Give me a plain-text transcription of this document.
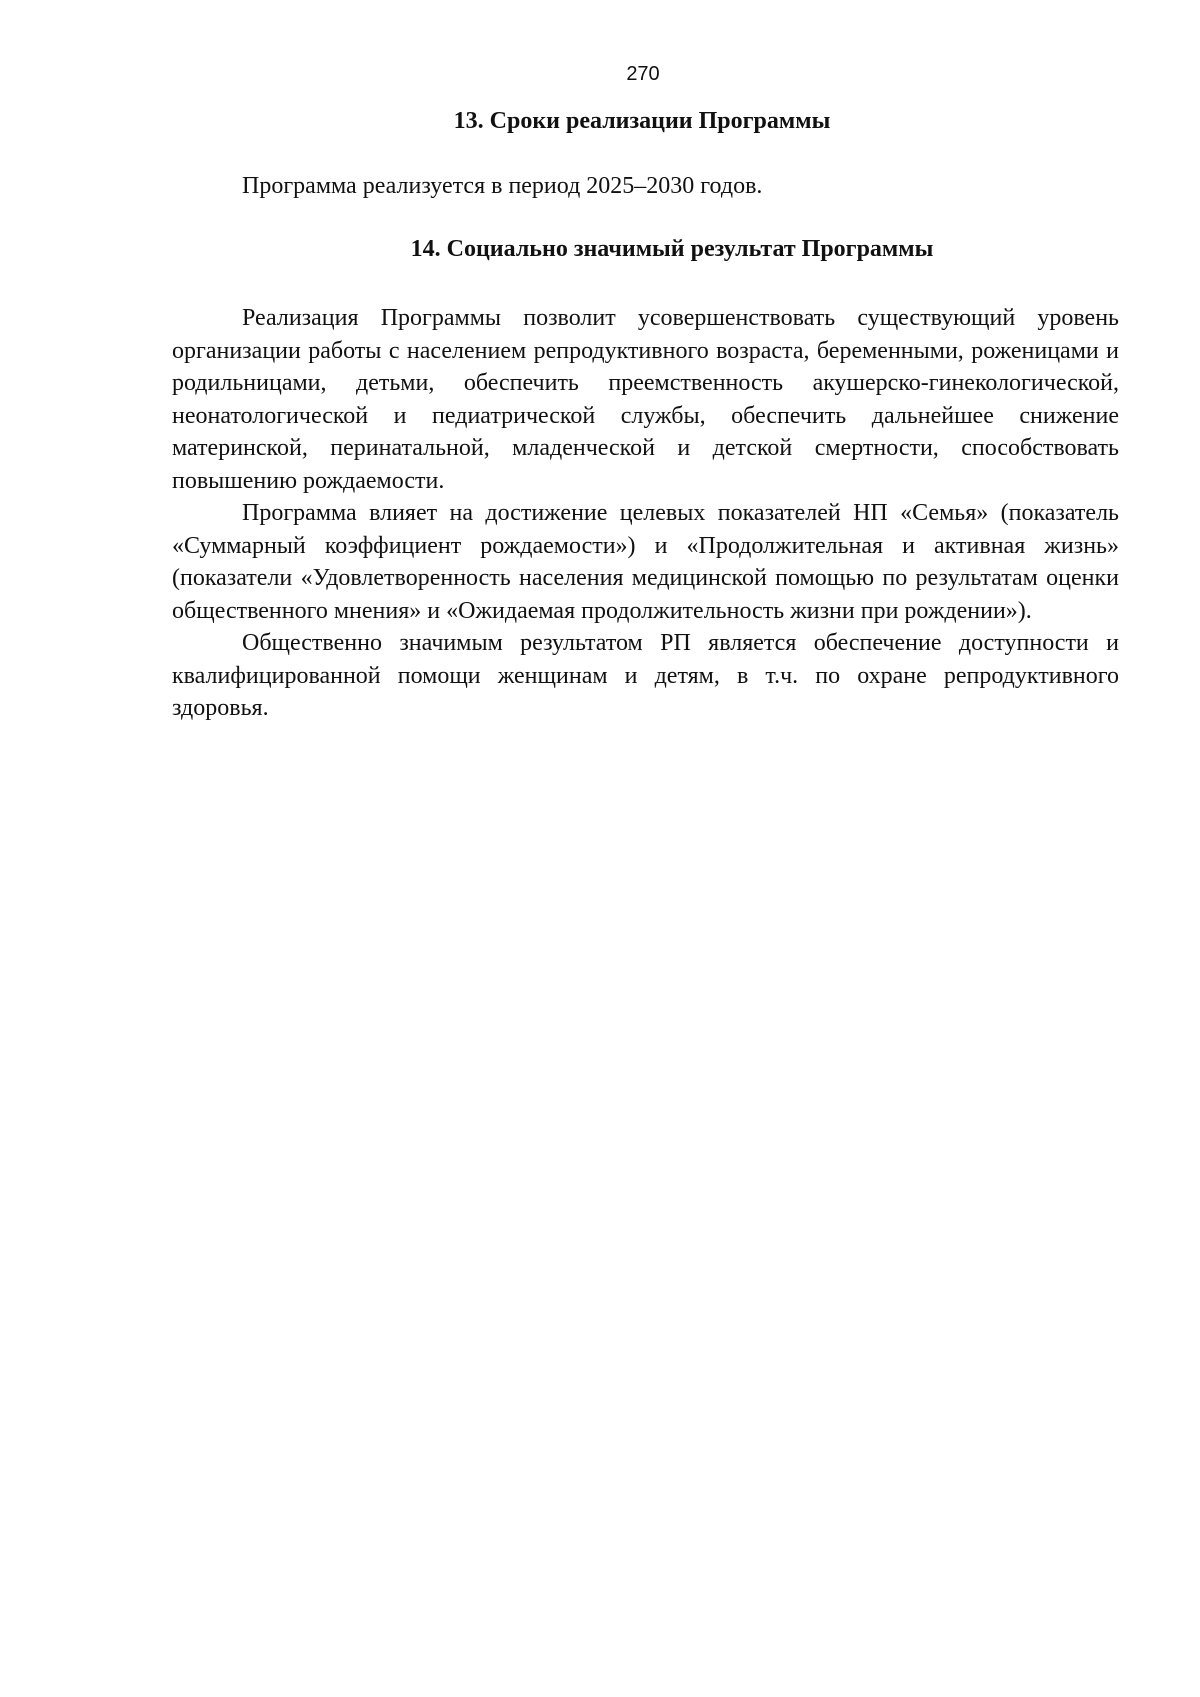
270
13. Сроки реализации Программы
Программа реализуется в период 2025–2030 годов.
14. Социально значимый результат Программы

Реализация Программы позволит усовершенствовать существующий уровень организации работы с населением репродуктивного возраста, беременными, роженицами и родильницами, детьми, обеспечить преемственность акушерско-гинекологической, неонатологической и педиатрической службы, обеспечить дальнейшее снижение материнской, перинатальной, младенческой и детской смертности, способствовать повышению рождаемости.

Программа влияет на достижение целевых показателей НП «Семья» (показатель «Суммарный коэффициент рождаемости») и «Продолжительная и активная жизнь» (показатели «Удовлетворенность населения медицинской помощью по результатам оценки общественного мнения» и «Ожидаемая продолжительность жизни при рождении»).

Общественно значимым результатом РП является обеспечение доступности и квалифицированной помощи женщинам и детям, в т.ч. по охране репродуктивного здоровья.
